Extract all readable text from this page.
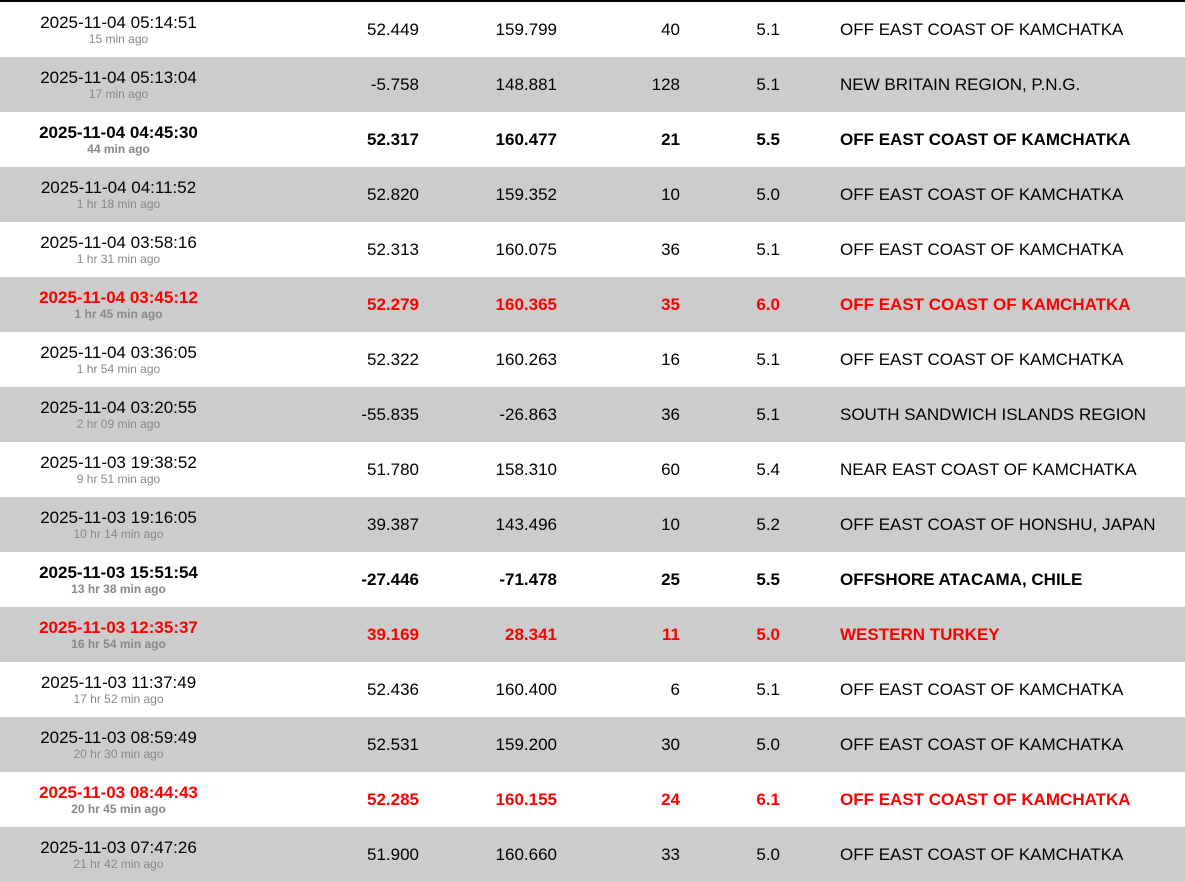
2025-11-04 05:14:51
15 min ago	52.449	159.799	40	5.1	OFF EAST COAST OF KAMCHATKA

2025-11-04 05:13:04
17 min ago	-5.758	148.881	128	5.1	NEW BRITAIN REGION, P.N.G.

2025-11-04 04:45:30
44 min ago	52.317	160.477	21	5.5	OFF EAST COAST OF KAMCHATKA

2025-11-04 04:11:52
1 hr 18 min ago	52.820	159.352	10	5.0	OFF EAST COAST OF KAMCHATKA

2025-11-04 03:58:16
1 hr 31 min ago	52.313	160.075	36	5.1	OFF EAST COAST OF KAMCHATKA

2025-11-04 03:45:12
1 hr 45 min ago	52.279	160.365	35	6.0	OFF EAST COAST OF KAMCHATKA

2025-11-04 03:36:05
1 hr 54 min ago	52.322	160.263	16	5.1	OFF EAST COAST OF KAMCHATKA

2025-11-04 03:20:55
2 hr 09 min ago	-55.835	-26.863	36	5.1	SOUTH SANDWICH ISLANDS REGION

2025-11-03 19:38:52
9 hr 51 min ago	51.780	158.310	60	5.4	NEAR EAST COAST OF KAMCHATKA

2025-11-03 19:16:05
10 hr 14 min ago	39.387	143.496	10	5.2	OFF EAST COAST OF HONSHU, JAPAN

2025-11-03 15:51:54
13 hr 38 min ago	-27.446	-71.478	25	5.5	OFFSHORE ATACAMA, CHILE

2025-11-03 12:35:37
16 hr 54 min ago	39.169	28.341	11	5.0	WESTERN TURKEY

2025-11-03 11:37:49
17 hr 52 min ago	52.436	160.400	6	5.1	OFF EAST COAST OF KAMCHATKA

2025-11-03 08:59:49
20 hr 30 min ago	52.531	159.200	30	5.0	OFF EAST COAST OF KAMCHATKA

2025-11-03 08:44:43
20 hr 45 min ago	52.285	160.155	24	6.1	OFF EAST COAST OF KAMCHATKA

2025-11-03 07:47:26
21 hr 42 min ago	51.900	160.660	33	5.0	OFF EAST COAST OF KAMCHATKA
